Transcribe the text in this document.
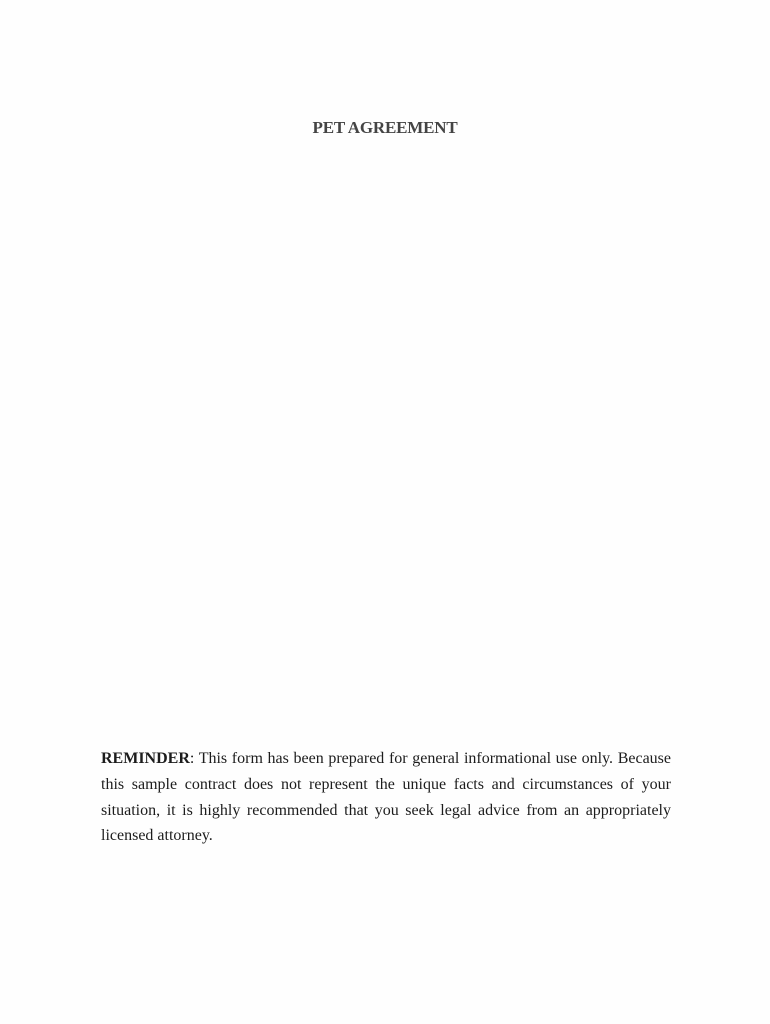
PET AGREEMENT

REMINDER: This form has been prepared for general informational use only. Because this sample contract does not represent the unique facts and circumstances of your situation, it is highly recommended that you seek legal advice from an appropriately licensed attorney.
